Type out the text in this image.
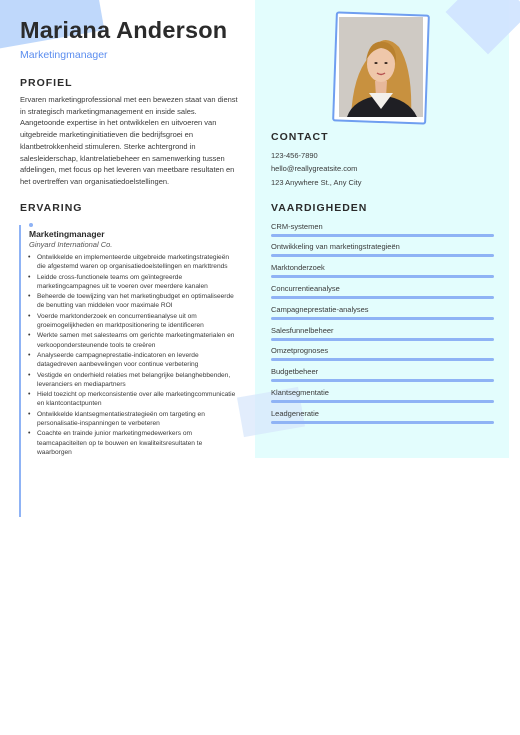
Mariana Anderson
Marketingmanager
PROFIEL
Ervaren marketingprofessional met een bewezen staat van dienst in strategisch marketingmanagement en inside sales. Aangetoonde expertise in het ontwikkelen en uitvoeren van uitgebreide marketinginitiatieven die bedrijfsgroei en klantbetrokkenheid stimuleren. Sterke achtergrond in salesleiderschap, klantrelatiebeheer en samenwerking tussen afdelingen, met focus op het leveren van meetbare resultaten en het overtreffen van organisatiedoelstellingen.
ERVARING
Marketingmanager
Ginyard International Co.
• Ontwikkelde en implementeerde uitgebreide marketingstrategieën die afgestemd waren op organisatiedoelstellingen en markttrends
• Leidde cross-functionele teams om geïntegreerde marketingcampagnes uit te voeren over meerdere kanalen
• Beheerde de toewijzing van het marketingbudget en optimaliseerde de benutting van middelen voor maximale ROI
• Voerde marktonderzoek en concurrentieanalyse uit om groeimogelijkheden en marktpositionering te identificeren
• Werkte samen met salesteams om gerichte marketingmaterialen en verkoopondersteunende tools te creëren
• Analyseerde campagneprestatie-indicatoren en leverde datagedreven aanbevelingen voor continue verbetering
• Vestigde en onderhield relaties met belangrijke belanghebbenden, leveranciers en mediapartners
• Hield toezicht op merkconsistentie over alle marketingcommunicatie en klantcontactpunten
• Ontwikkelde klantsegmentatiestrategieën om targeting en personalisatie-inspanningen te verbeteren
• Coachte en trainde junior marketingmedewerkers om teamcapaciteiten op te bouwen en kwaliteitsresultaten te waarborgen
CONTACT
123-456-7890
hello@reallygreatsite.com
123 Anywhere St., Any City
VAARDIGHEDEN
CRM-systemen
Ontwikkeling van marketingstrategieën
Marktonderzoek
Concurrentieanalyse
Campagneprestatie-analyses
Salesfunnelbeheer
Omzetprognoses
Budgetbeheer
Klantsegmentatie
Leadgeneratie
